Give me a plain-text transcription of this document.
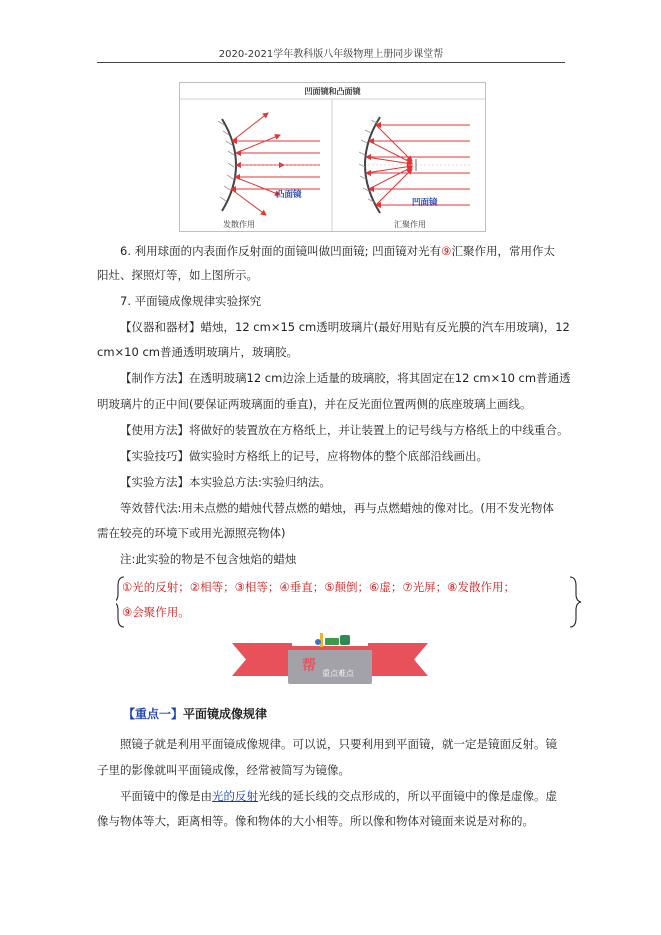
2020-2021学年教科版八年级物理上册同步课堂帮
凹面镜和凸面镜
凸面镜
发散作用
凹面镜
汇聚作用
6. 利用球面的内表面作反射面的面镜叫做凹面镜; 凹面镜对光有⑨汇聚作用，常用作太
阳灶、探照灯等，如上图所示。
7. 平面镜成像规律实验探究
【仪器和器材】蜡烛，12 cm×15 cm透明玻璃片(最好用贴有反光膜的汽车用玻璃)，12
cm×10 cm普通透明玻璃片，玻璃胶。
【制作方法】在透明玻璃12 cm边涂上适量的玻璃胶，将其固定在12 cm×10 cm普通透
明玻璃片的正中间(要保证两玻璃面的垂直)，并在反光面位置两侧的底座玻璃上画线。
【使用方法】将做好的装置放在方格纸上，并让装置上的记号线与方格纸上的中线重合。
【实验技巧】做实验时方格纸上的记号，应将物体的整个底部沿线画出。
【实验方法】本实验总方法:实验归纳法。
等效替代法:用未点燃的蜡烛代替点燃的蜡烛，再与点燃蜡烛的像对比。(用不发光物体
需在较亮的环境下或用光源照亮物体)
注:此实验的物是不包含烛焰的蜡烛
①光的反射；②相等；③相等；④垂直；⑤颠倒；⑥虚；⑦光屏；⑧发散作用；
⑨会聚作用。
帮 重点难点
【重点一】平面镜成像规律
照镜子就是利用平面镜成像规律。可以说，只要利用到平面镜，就一定是镜面反射。镜
子里的影像就叫平面镜成像，经常被简写为镜像。
平面镜中的像是由光的反射光线的延长线的交点形成的，所以平面镜中的像是虚像。虚
像与物体等大，距离相等。像和物体的大小相等。所以像和物体对镜面来说是对称的。
